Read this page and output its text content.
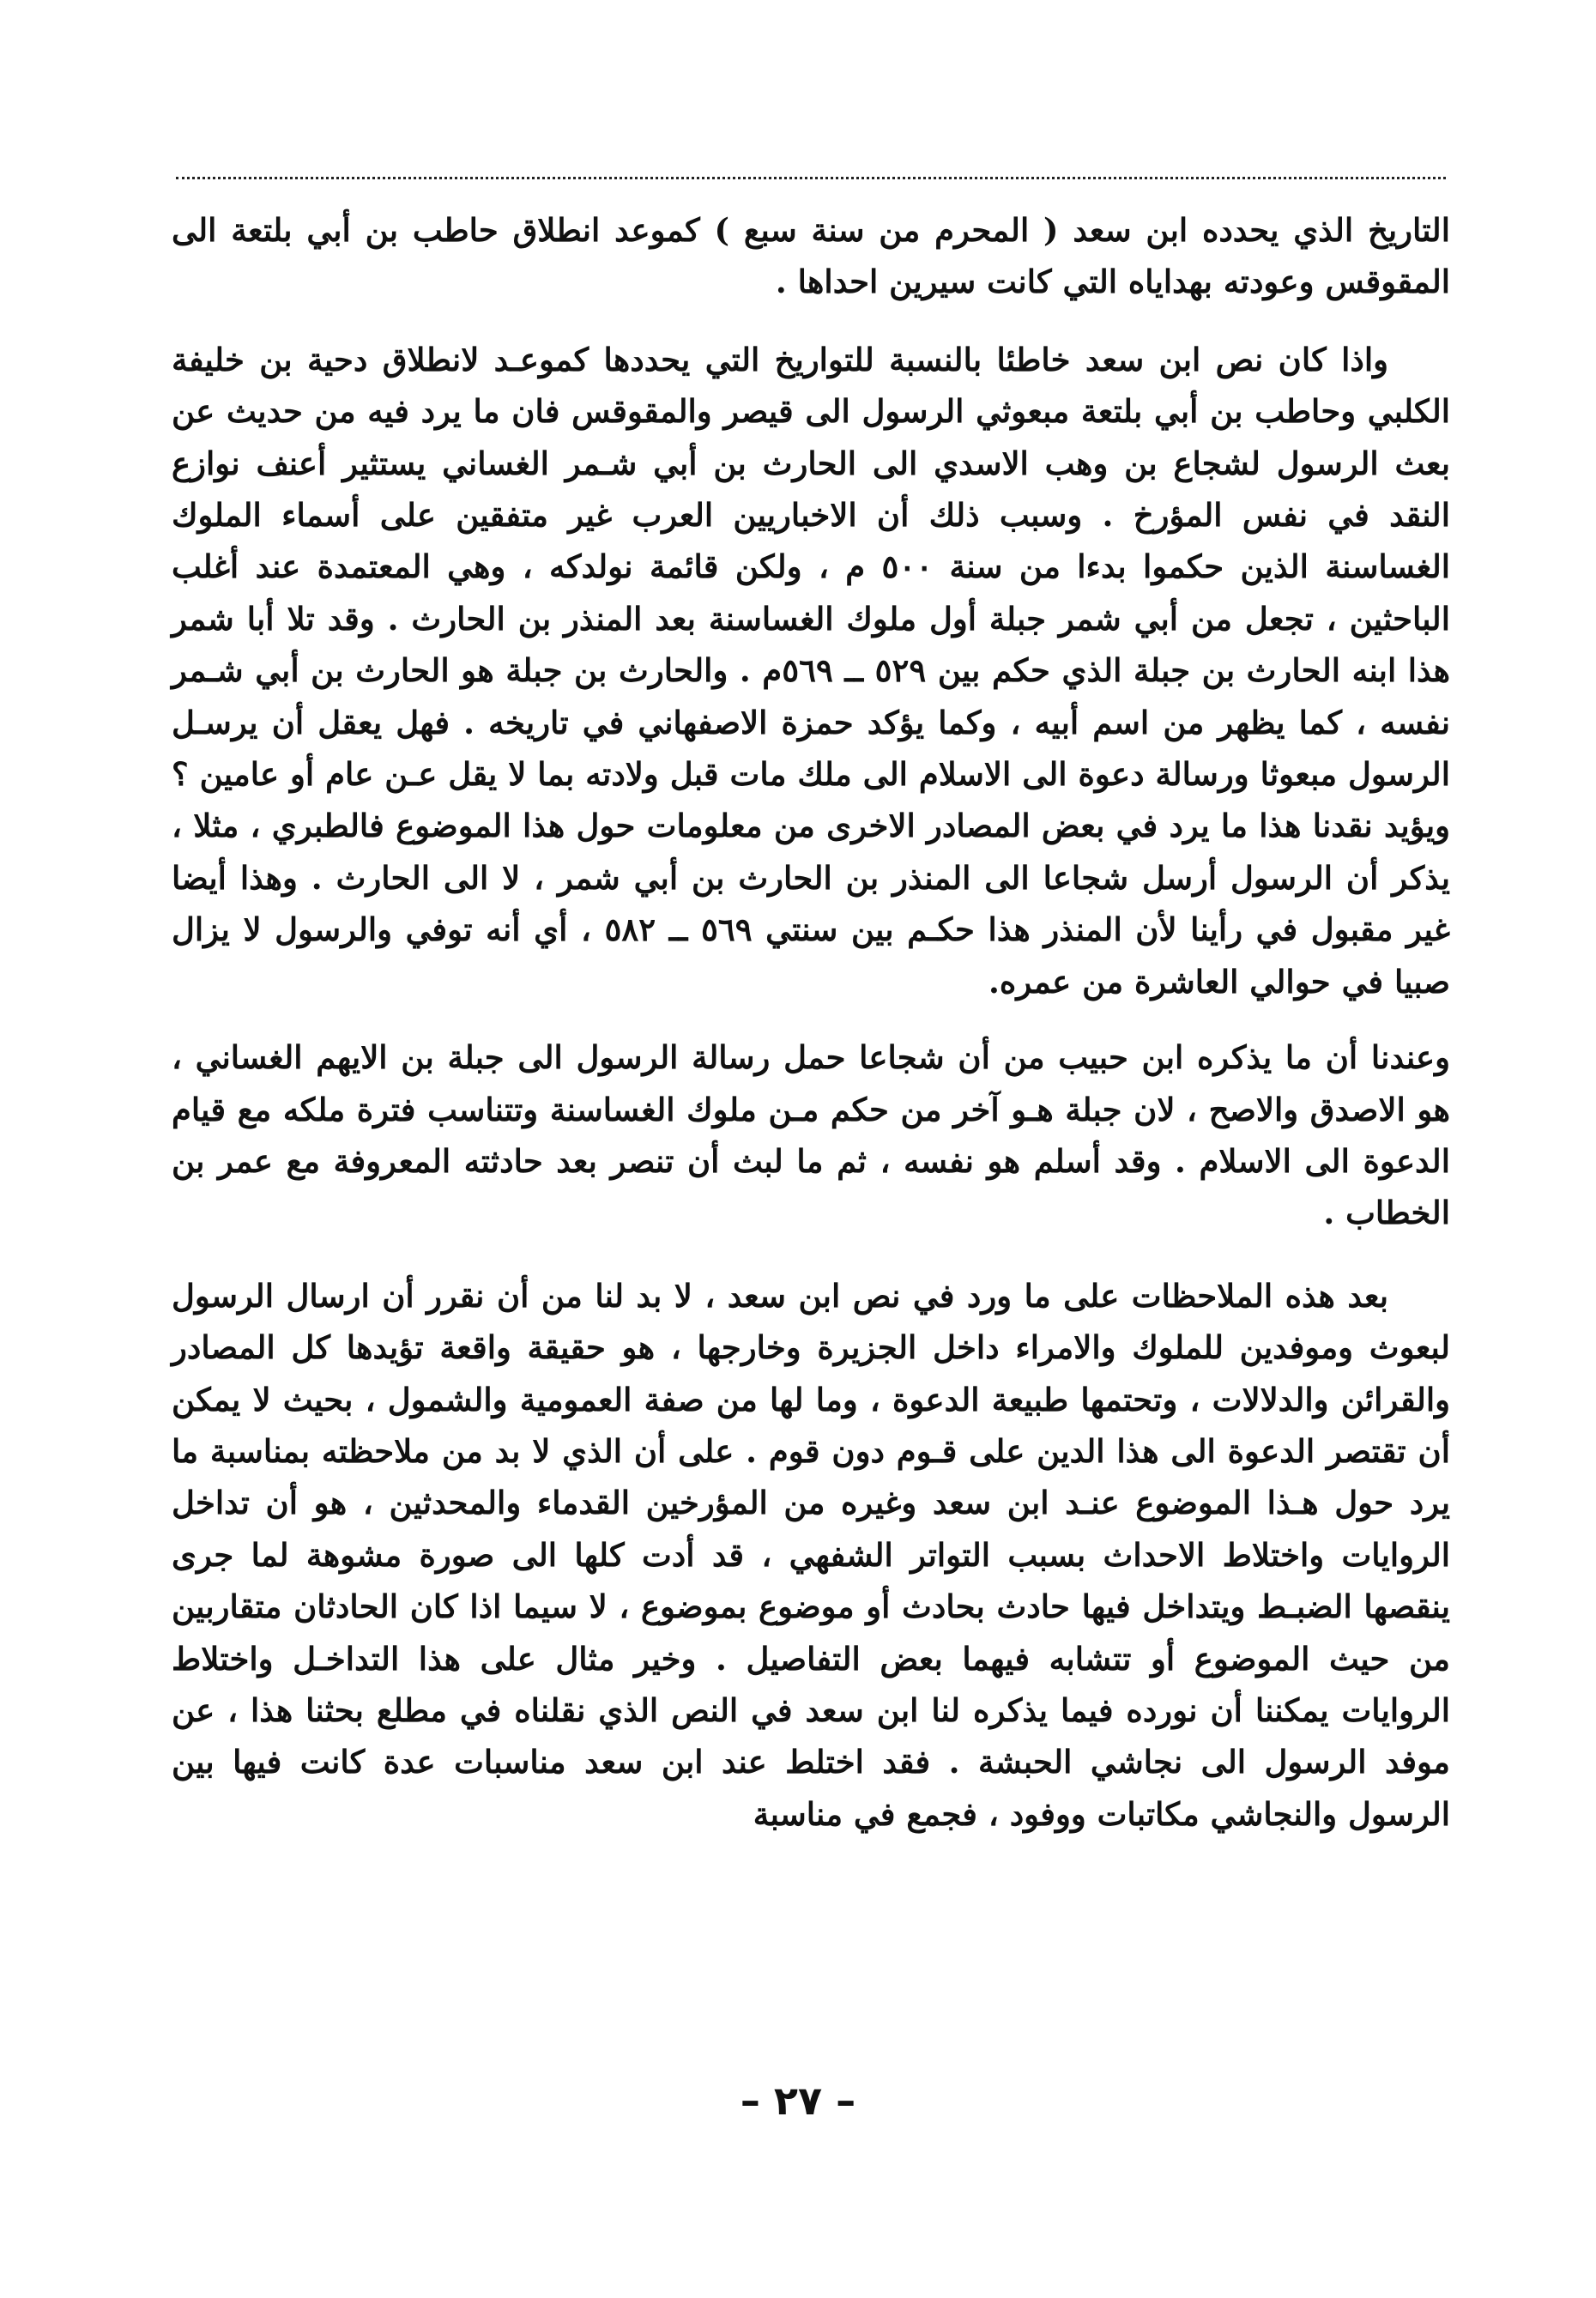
التاريخ الذي يحدده ابن سعد ( المحرم من سنة سبع ) كموعد انطلاق حاطب بن أبي بلتعة الى المقوقس وعودته بهداياه التي كانت سيرين احداها .

واذا كان نص ابن سعد خاطئا بالنسبة للتواريخ التي يحددها كموعـد لانطلاق دحية بن خليفة الكلبي وحاطب بن أبي بلتعة مبعوثي الرسول الى قيصر والمقوقس فان ما يرد فيه من حديث عن بعث الرسول لشجاع بن وهب الاسدي الى الحارث بن أبي شـمر الغساني يستثير أعنف نوازع النقد في نفس المؤرخ . وسبب ذلك أن الاخباريين العرب غير متفقين على أسماء الملوك الغساسنة الذين حكموا بدءا من سنة ٥٠٠ م ، ولكن قائمة نولدكه ، وهي المعتمدة عند أغلب الباحثين ، تجعل من أبي شمر جبلة أول ملوك الغساسنة بعد المنذر بن الحارث . وقد تلا أبا شمر هذا ابنه الحارث بن جبلة الذي حكم بين ٥٢٩ ــ ٥٦٩م . والحارث بن جبلة هو الحارث بن أبي شـمر نفسه ، كما يظهر من اسم أبيه ، وكما يؤكد حمزة الاصفهاني في تاريخه . فهل يعقل أن يرسـل الرسول مبعوثا ورسالة دعوة الى الاسلام الى ملك مات قبل ولادته بما لا يقل عـن عام أو عامين ؟ ويؤيد نقدنا هذا ما يرد في بعض المصادر الاخرى من معلومات حول هذا الموضوع فالطبري ، مثلا ، يذكر أن الرسول أرسل شجاعا الى المنذر بن الحارث بن أبي شمر ، لا الى الحارث . وهذا أيضا غير مقبول في رأينا لأن المنذر هذا حكـم بين سنتي ٥٦٩ ــ ٥٨٢ ، أي أنه توفي والرسول لا يزال صبيا في حوالي العاشرة من عمره.

وعندنا أن ما يذكره ابن حبيب من أن شجاعا حمل رسالة الرسول الى جبلة بن الايهم الغساني ، هو الاصدق والاصح ، لان جبلة هـو آخر من حكم مـن ملوك الغساسنة وتتناسب فترة ملكه مع قيام الدعوة الى الاسلام . وقد أسلم هو نفسه ، ثم ما لبث أن تنصر بعد حادثته المعروفة مع عمر بن الخطاب .

بعد هذه الملاحظات على ما ورد في نص ابن سعد ، لا بد لنا من أن نقرر أن ارسال الرسول لبعوث وموفدين للملوك والامراء داخل الجزيرة وخارجها ، هو حقيقة واقعة تؤيدها كل المصادر والقرائن والدلالات ، وتحتمها طبيعة الدعوة ، وما لها من صفة العمومية والشمول ، بحيث لا يمكن أن تقتصر الدعوة الى هذا الدين على قـوم دون قوم . على أن الذي لا بد من ملاحظته بمناسبة ما يرد حول هـذا الموضوع عنـد ابن سعد وغيره من المؤرخين القدماء والمحدثين ، هو أن تداخل الروايات واختلاط الاحداث بسبب التواتر الشفهي ، قد أدت كلها الى صورة مشوهة لما جرى ينقصها الضبـط ويتداخل فيها حادث بحادث أو موضوع بموضوع ، لا سيما اذا كان الحادثان متقاربين من حيث الموضوع أو تتشابه فيهما بعض التفاصيل . وخير مثال على هذا التداخـل واختلاط الروايات يمكننا أن نورده فيما يذكره لنا ابن سعد في النص الذي نقلناه في مطلع بحثنا هذا ، عن موفد الرسول الى نجاشي الحبشة . فقد اختلط عند ابن سعد مناسبات عدة كانت فيها بين الرسول والنجاشي مكاتبات ووفود ، فجمع في مناسبة

– ٢٧ –
